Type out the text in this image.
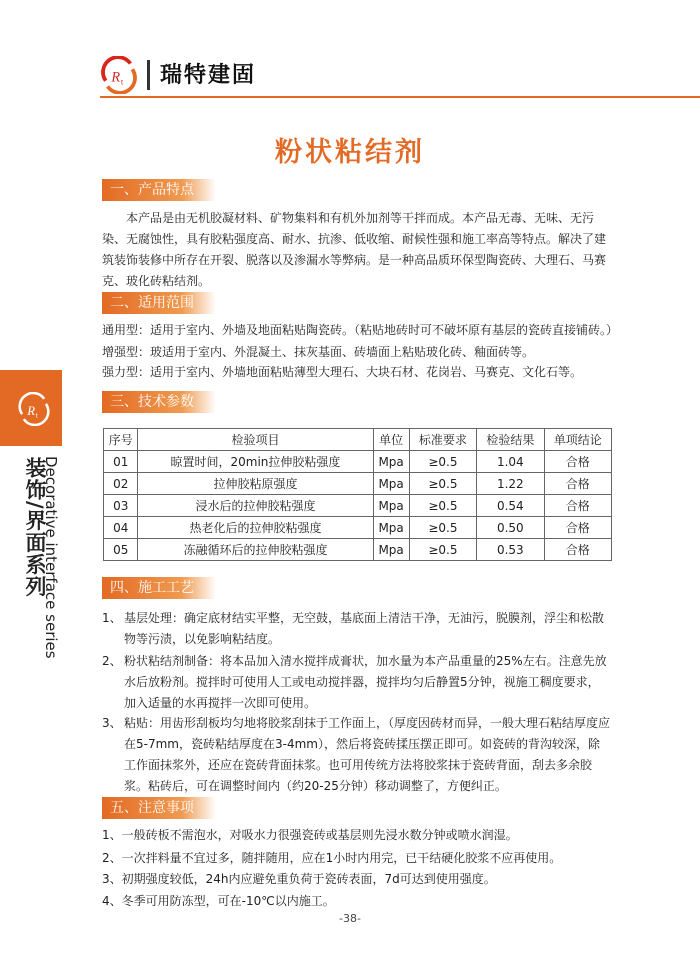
R t 瑞特建固
粉状粘结剂
一、产品特点
本产品是由无机胶凝材料、矿物集料和有机外加剂等干拌而成。本产品无毒、无味、无污染、无腐蚀性，具有胶粘强度高、耐水、抗渗、低收缩、耐候性强和施工率高等特点。解决了建筑装饰装修中所存在开裂、脱落以及渗漏水等弊病。是一种高品质环保型陶瓷砖、大理石、马赛克、玻化砖粘结剂。
二、适用范围
通用型：适用于室内、外墙及地面粘贴陶瓷砖。（粘贴地砖时可不破坏原有基层的瓷砖直接铺砖。）
增强型：玻适用于室内、外混凝土、抹灰基面、砖墙面上粘贴玻化砖、釉面砖等。
强力型：适用于室内、外墙地面粘贴薄型大理石、大块石材、花岗岩、马赛克、文化石等。
三、技术参数
序号	检验项目	单位	标准要求	检验结果	单项结论
01	晾置时间，20min拉伸胶粘强度	Mpa	≥0.5	1.04	合格
02	拉伸胶粘原强度	Mpa	≥0.5	1.22	合格
03	浸水后的拉伸胶粘强度	Mpa	≥0.5	0.54	合格
04	热老化后的拉伸胶粘强度	Mpa	≥0.5	0.50	合格
05	冻融循环后的拉伸胶粘强度	Mpa	≥0.5	0.53	合格
四、施工工艺
1、 基层处理：确定底材结实平整，无空鼓，基底面上清洁干净，无油污，脱膜剂，浮尘和松散物等污渍，以免影响粘结度。
2、 粉状粘结剂制备：将本品加入清水搅拌成膏状，加水量为本产品重量的25%左右。注意先放水后放粉剂。搅拌时可使用人工或电动搅拌器，搅拌均匀后静置5分钟，视施工稠度要求，加入适量的水再搅拌一次即可使用。
3、 粘贴：用齿形刮板均匀地将胶浆刮抹于工作面上，（厚度因砖材而异，一般大理石粘结厚度应在5-7mm，瓷砖粘结厚度在3-4mm），然后将瓷砖揉压摆正即可。如瓷砖的背沟较深，除工作面抹浆外，还应在瓷砖背面抹浆。也可用传统方法将胶浆抹于瓷砖背面，刮去多余胶浆。粘砖后，可在调整时间内（约20-25分钟）移动调整了，方便纠正。
五、注意事项
1、一般砖板不需泡水，对吸水力很强瓷砖或基层则先浸水数分钟或喷水润湿。
2、一次拌料量不宜过多，随拌随用，应在1小时内用完，已干结硬化胶浆不应再使用。
3、初期强度较低，24h内应避免重负荷于瓷砖表面，7d可达到使用强度。
4、冬季可用防冻型，可在-10℃以内施工。
R t
装饰/界面系列
Decorative interface series
-38-
